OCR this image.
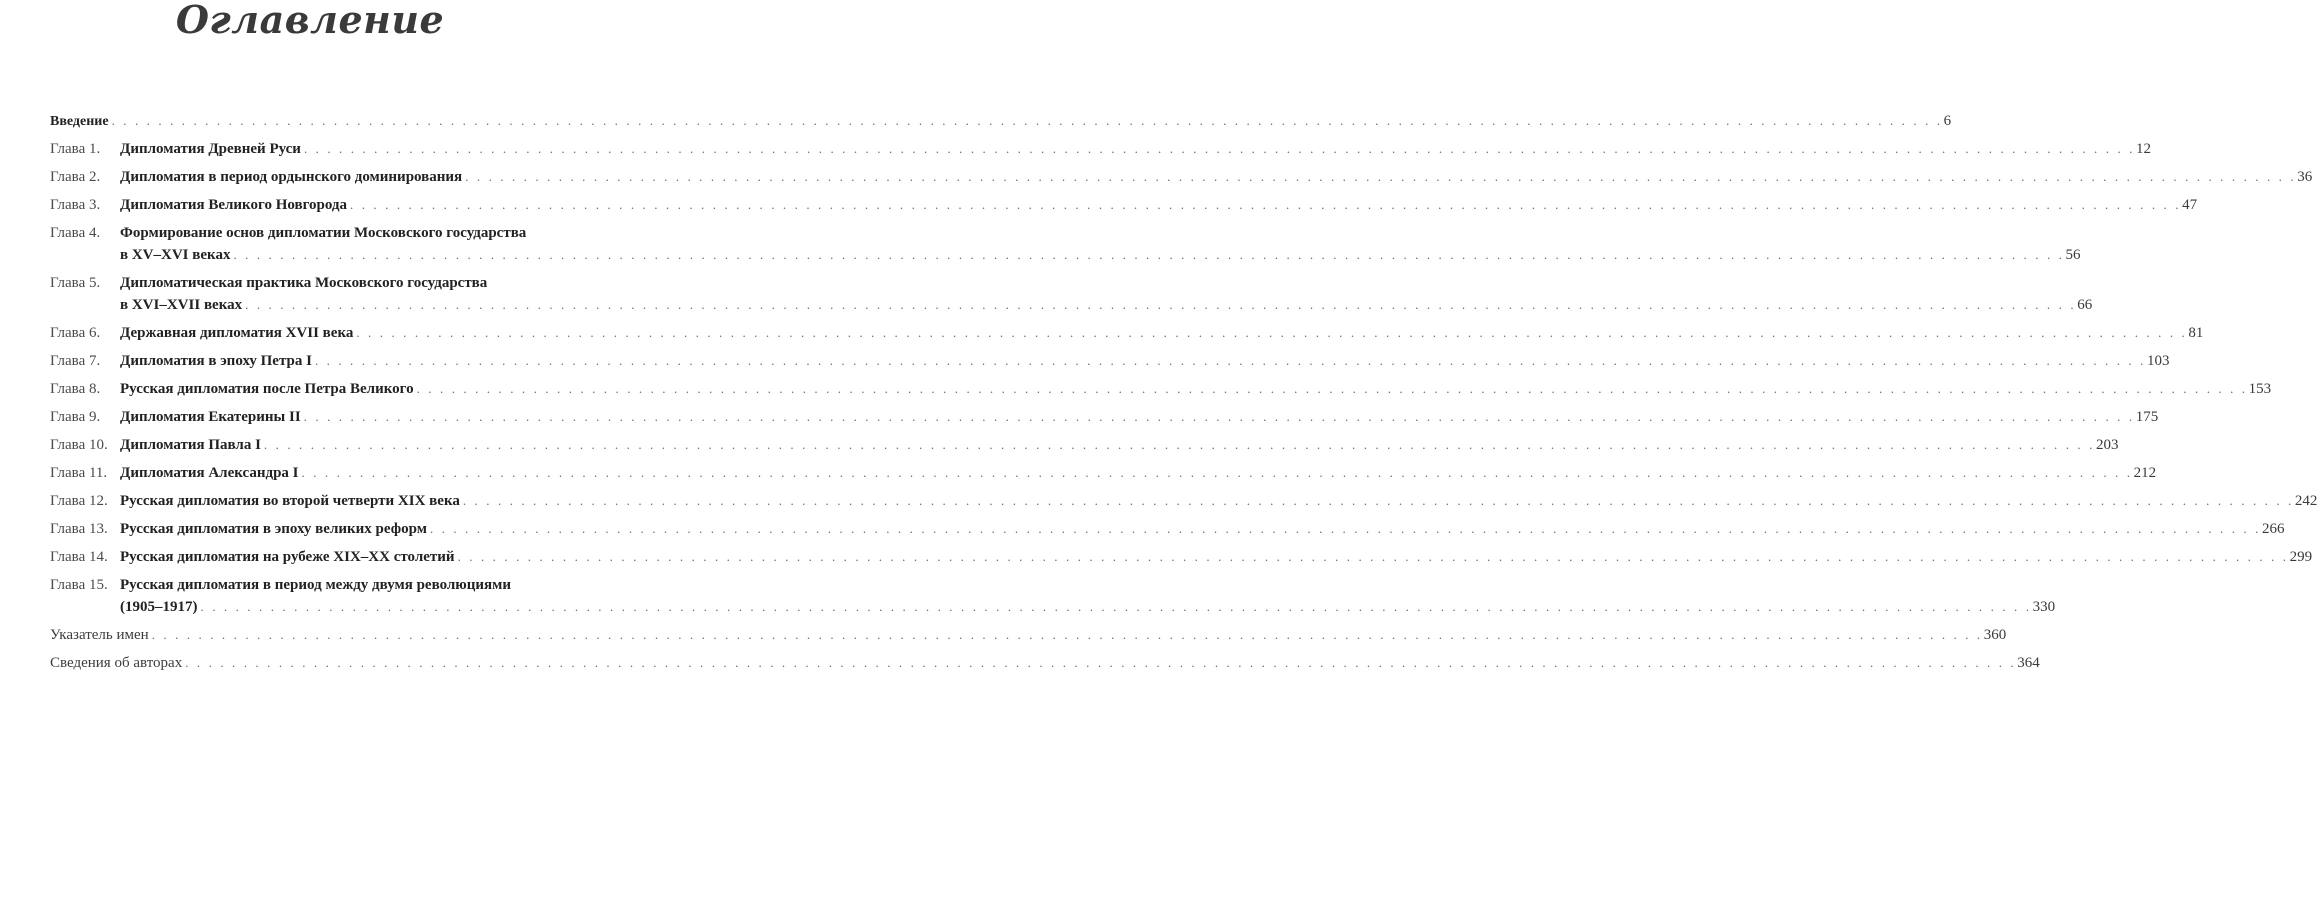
Оглавление
Введение . . . . . . . . . . . . . . . . . . . . . . . . . . . . . . . . . . . . . . . . . . . . . . . . . . . . . . . . . . . . . . . . . . . . . . . . . . . . . . . . . . . . . . . . . . . . . . . . . . . . . . . . . . . . . . . . . . . . . . . . . . . . . . . . . . . . . . . . . . . . . . . . . . . . . . . . . . . . . 6
Глава 1.	Дипломатия Древней Руси . . . . . . . . . . . . . . . . . . . . . . . . . . . . . . . . . . . . . . . . . . . . . . . . . . . . . . . . . . . . . . . . . . . . . . . . . . . . . . . . . . . . . . . . . . . . . . . . . . . . . . . . . . . . . . . . . . . . . . . . . . . . . . . . . . . . . . . . . . . . . . . . . . . . . . . . . . . . . 12
Глава 2.	Дипломатия в период ордынского доминирования . . . . . . . . . . . . . . . . . . . . . . . . . . . . . . . . . . . . . . . . . . . . . . . . . . . . . . . . . . . . . . . . . . . . . . . . . . . . . . . . . . . . . . . . . . . . . . . . . . . . . . . . . . . . . . . . . . . . . . . . . . . . . . . . . . . . . . . . . . . . . . . . . . . . . . . . . . . . . 36
Глава 3.	Дипломатия Великого Новгорода . . . . . . . . . . . . . . . . . . . . . . . . . . . . . . . . . . . . . . . . . . . . . . . . . . . . . . . . . . . . . . . . . . . . . . . . . . . . . . . . . . . . . . . . . . . . . . . . . . . . . . . . . . . . . . . . . . . . . . . . . . . . . . . . . . . . . . . . . . . . . . . . . . . . . . . . . . . . . 47
Глава 4.	Формирование основ дипломатии Московского государства
в XV–XVI веках . . . . . . . . . . . . . . . . . . . . . . . . . . . . . . . . . . . . . . . . . . . . . . . . . . . . . . . . . . . . . . . . . . . . . . . . . . . . . . . . . . . . . . . . . . . . . . . . . . . . . . . . . . . . . . . . . . . . . . . . . . . . . . . . . . . . . . . . . . . . . . . . . . . . . . . . . . . . . 56
Глава 5.	Дипломатическая практика Московского государства
в XVI–XVII веках . . . . . . . . . . . . . . . . . . . . . . . . . . . . . . . . . . . . . . . . . . . . . . . . . . . . . . . . . . . . . . . . . . . . . . . . . . . . . . . . . . . . . . . . . . . . . . . . . . . . . . . . . . . . . . . . . . . . . . . . . . . . . . . . . . . . . . . . . . . . . . . . . . . . . . . . . . . . . 66
Глава 6.	Державная дипломатия XVII века . . . . . . . . . . . . . . . . . . . . . . . . . . . . . . . . . . . . . . . . . . . . . . . . . . . . . . . . . . . . . . . . . . . . . . . . . . . . . . . . . . . . . . . . . . . . . . . . . . . . . . . . . . . . . . . . . . . . . . . . . . . . . . . . . . . . . . . . . . . . . . . . . . . . . . . . . . . . . 81
Глава 7.	Дипломатия в эпоху Петра I . . . . . . . . . . . . . . . . . . . . . . . . . . . . . . . . . . . . . . . . . . . . . . . . . . . . . . . . . . . . . . . . . . . . . . . . . . . . . . . . . . . . . . . . . . . . . . . . . . . . . . . . . . . . . . . . . . . . . . . . . . . . . . . . . . . . . . . . . . . . . . . . . . . . . . . . . . . . . 103
Глава 8.	Русская дипломатия после Петра Великого . . . . . . . . . . . . . . . . . . . . . . . . . . . . . . . . . . . . . . . . . . . . . . . . . . . . . . . . . . . . . . . . . . . . . . . . . . . . . . . . . . . . . . . . . . . . . . . . . . . . . . . . . . . . . . . . . . . . . . . . . . . . . . . . . . . . . . . . . . . . . . . . . . . . . . . . . . . . . 153
Глава 9.	Дипломатия Екатерины II . . . . . . . . . . . . . . . . . . . . . . . . . . . . . . . . . . . . . . . . . . . . . . . . . . . . . . . . . . . . . . . . . . . . . . . . . . . . . . . . . . . . . . . . . . . . . . . . . . . . . . . . . . . . . . . . . . . . . . . . . . . . . . . . . . . . . . . . . . . . . . . . . . . . . . . . . . . . . 175
Глава 10. Дипломатия Павла I . . . . . . . . . . . . . . . . . . . . . . . . . . . . . . . . . . . . . . . . . . . . . . . . . . . . . . . . . . . . . . . . . . . . . . . . . . . . . . . . . . . . . . . . . . . . . . . . . . . . . . . . . . . . . . . . . . . . . . . . . . . . . . . . . . . . . . . . . . . . . . . . . . . . . . . . . . . . . 203
Глава 11. Дипломатия Александра I . . . . . . . . . . . . . . . . . . . . . . . . . . . . . . . . . . . . . . . . . . . . . . . . . . . . . . . . . . . . . . . . . . . . . . . . . . . . . . . . . . . . . . . . . . . . . . . . . . . . . . . . . . . . . . . . . . . . . . . . . . . . . . . . . . . . . . . . . . . . . . . . . . . . . . . . . . . . . 212
Глава 12. Русская дипломатия во второй четверти XIX века . . . . . . . . . . . . . . . . . . . . . . . . . . . . . . . . . . . . . . . . . . . . . . . . . . . . . . . . . . . . . . . . . . . . . . . . . . . . . . . . . . . . . . . . . . . . . . . . . . . . . . . . . . . . . . . . . . . . . . . . . . . . . . . . . . . . . . . . . . . . . . . . . . . . . . . . . . . . . 242
Глава 13. Русская дипломатия в эпоху великих реформ . . . . . . . . . . . . . . . . . . . . . . . . . . . . . . . . . . . . . . . . . . . . . . . . . . . . . . . . . . . . . . . . . . . . . . . . . . . . . . . . . . . . . . . . . . . . . . . . . . . . . . . . . . . . . . . . . . . . . . . . . . . . . . . . . . . . . . . . . . . . . . . . . . . . . . . . . . . . . 266
Глава 14. Русская дипломатия на рубеже XIX–XX столетий . . . . . . . . . . . . . . . . . . . . . . . . . . . . . . . . . . . . . . . . . . . . . . . . . . . . . . . . . . . . . . . . . . . . . . . . . . . . . . . . . . . . . . . . . . . . . . . . . . . . . . . . . . . . . . . . . . . . . . . . . . . . . . . . . . . . . . . . . . . . . . . . . . . . . . . . . . . . . 299
Глава 15. Русская дипломатия в период между двумя революциями
(1905–1917) . . . . . . . . . . . . . . . . . . . . . . . . . . . . . . . . . . . . . . . . . . . . . . . . . . . . . . . . . . . . . . . . . . . . . . . . . . . . . . . . . . . . . . . . . . . . . . . . . . . . . . . . . . . . . . . . . . . . . . . . . . . . . . . . . . . . . . . . . . . . . . . . . . . . . . . . . . . . . 330
Указатель имен . . . . . . . . . . . . . . . . . . . . . . . . . . . . . . . . . . . . . . . . . . . . . . . . . . . . . . . . . . . . . . . . . . . . . . . . . . . . . . . . . . . . . . . . . . . . . . . . . . . . . . . . . . . . . . . . . . . . . . . . . . . . . . . . . . . . . . . . . . . . . . . . . . . . . . . . . . . . . 360
Сведения об авторах . . . . . . . . . . . . . . . . . . . . . . . . . . . . . . . . . . . . . . . . . . . . . . . . . . . . . . . . . . . . . . . . . . . . . . . . . . . . . . . . . . . . . . . . . . . . . . . . . . . . . . . . . . . . . . . . . . . . . . . . . . . . . . . . . . . . . . . . . . . . . . . . . . . . . . . . . . . . . 364
